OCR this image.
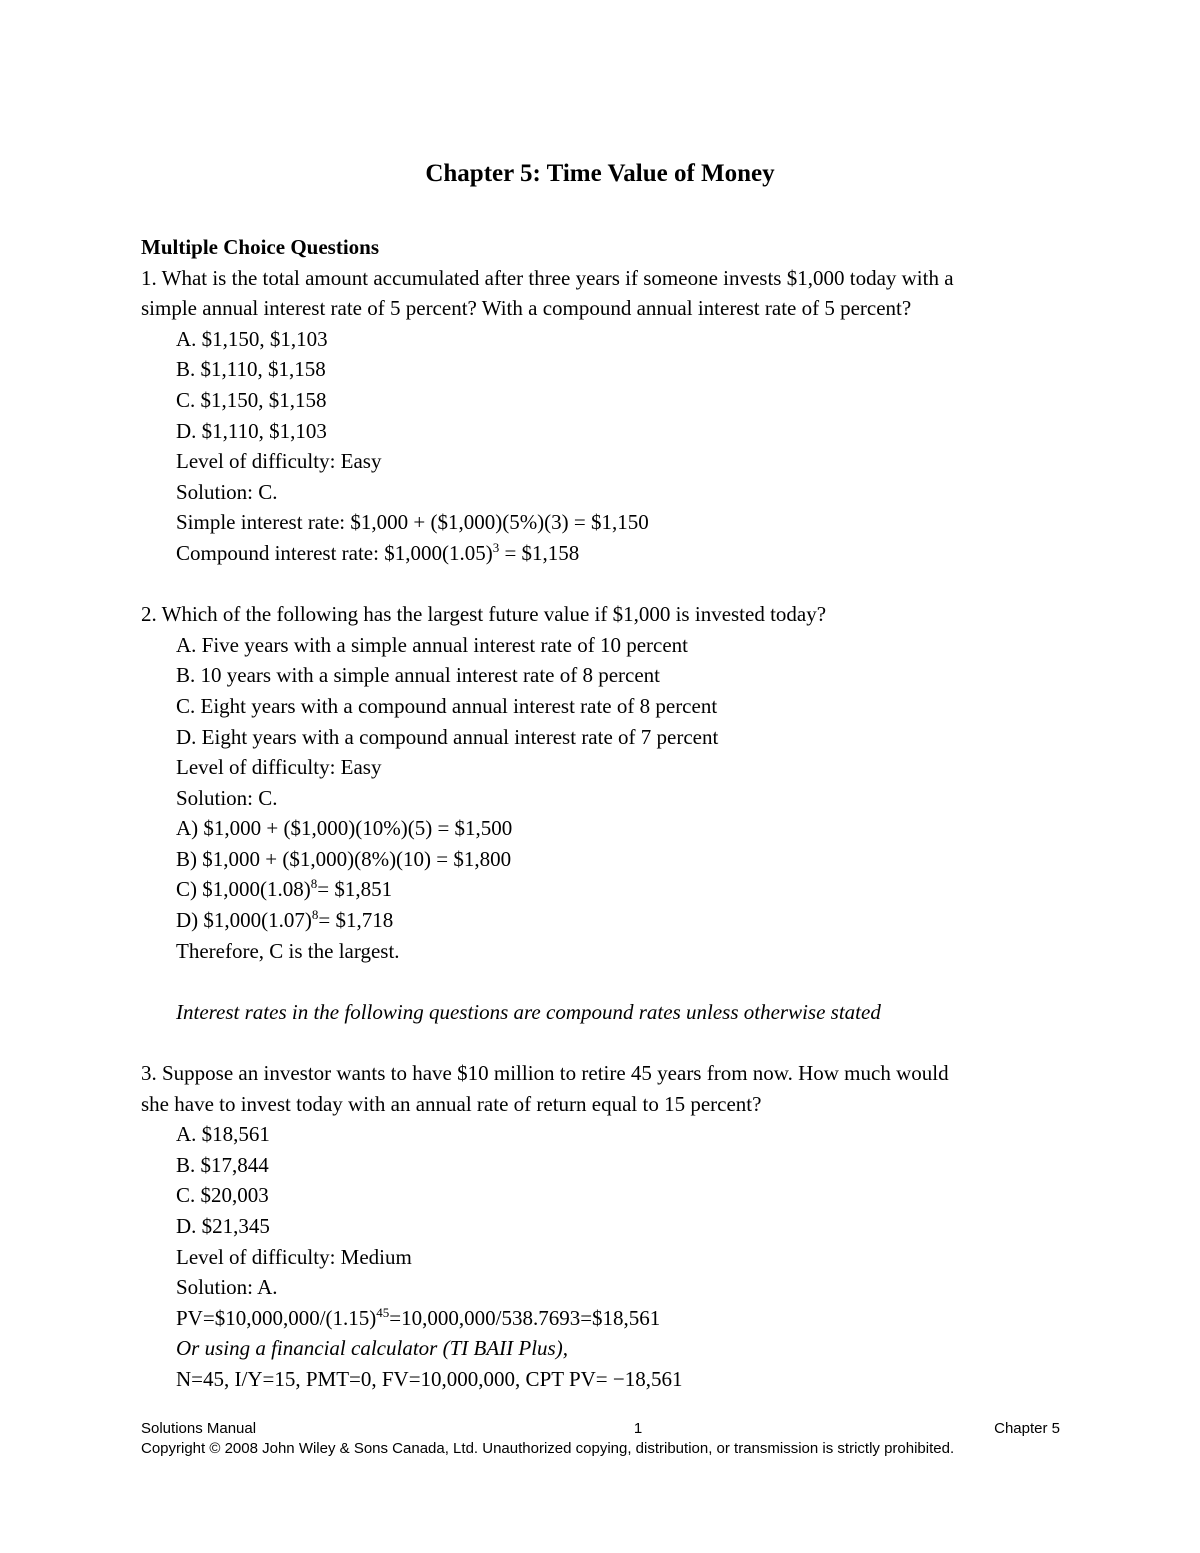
Chapter 5: Time Value of Money
Multiple Choice Questions
1. What is the total amount accumulated after three years if someone invests $1,000 today with a
simple annual interest rate of 5 percent? With a compound annual interest rate of 5 percent?
A. $1,150, $1,103
B. $1,110, $1,158
C. $1,150, $1,158
D. $1,110, $1,103
Level of difficulty: Easy
Solution: C.
Simple interest rate: $1,000 + ($1,000)(5%)(3) = $1,150
Compound interest rate: $\$1,000(1.05)^3$ = $1,158
2. Which of the following has the largest future value if $1,000 is invested today?
A. Five years with a simple annual interest rate of 10 percent
B. 10 years with a simple annual interest rate of 8 percent
C. Eight years with a compound annual interest rate of 8 percent
D. Eight years with a compound annual interest rate of 7 percent
Level of difficulty: Easy
Solution: C.
A) $1,000 + ($1,000)(10%)(5) = $1,500
B) $1,000 + ($1,000)(8%)(10) = $1,800
C) $\$1,000(1.08)^8=$ $1,851
D) $\$1,000(1.07)^8=$ $1,718
Therefore, C is the largest.
Interest rates in the following questions are compound rates unless otherwise stated
3. Suppose an investor wants to have $10 million to retire 45 years from now. How much would
she have to invest today with an annual rate of return equal to 15 percent?
A. $18,561
B. $17,844
C. $20,003
D. $21,345
Level of difficulty: Medium
Solution: A.
$PV=\$10,000,000/(1.15)^{45}=10,000,000/538.7693=\$18,561$
Or using a financial calculator (TI BAII Plus),
N=45, I/Y=15, PMT=0, FV=10,000,000, CPT PV= −18,561
Solutions Manual	1	Chapter 5
Copyright © 2008 John Wiley & Sons Canada, Ltd. Unauthorized copying, distribution, or transmission is strictly prohibited.
